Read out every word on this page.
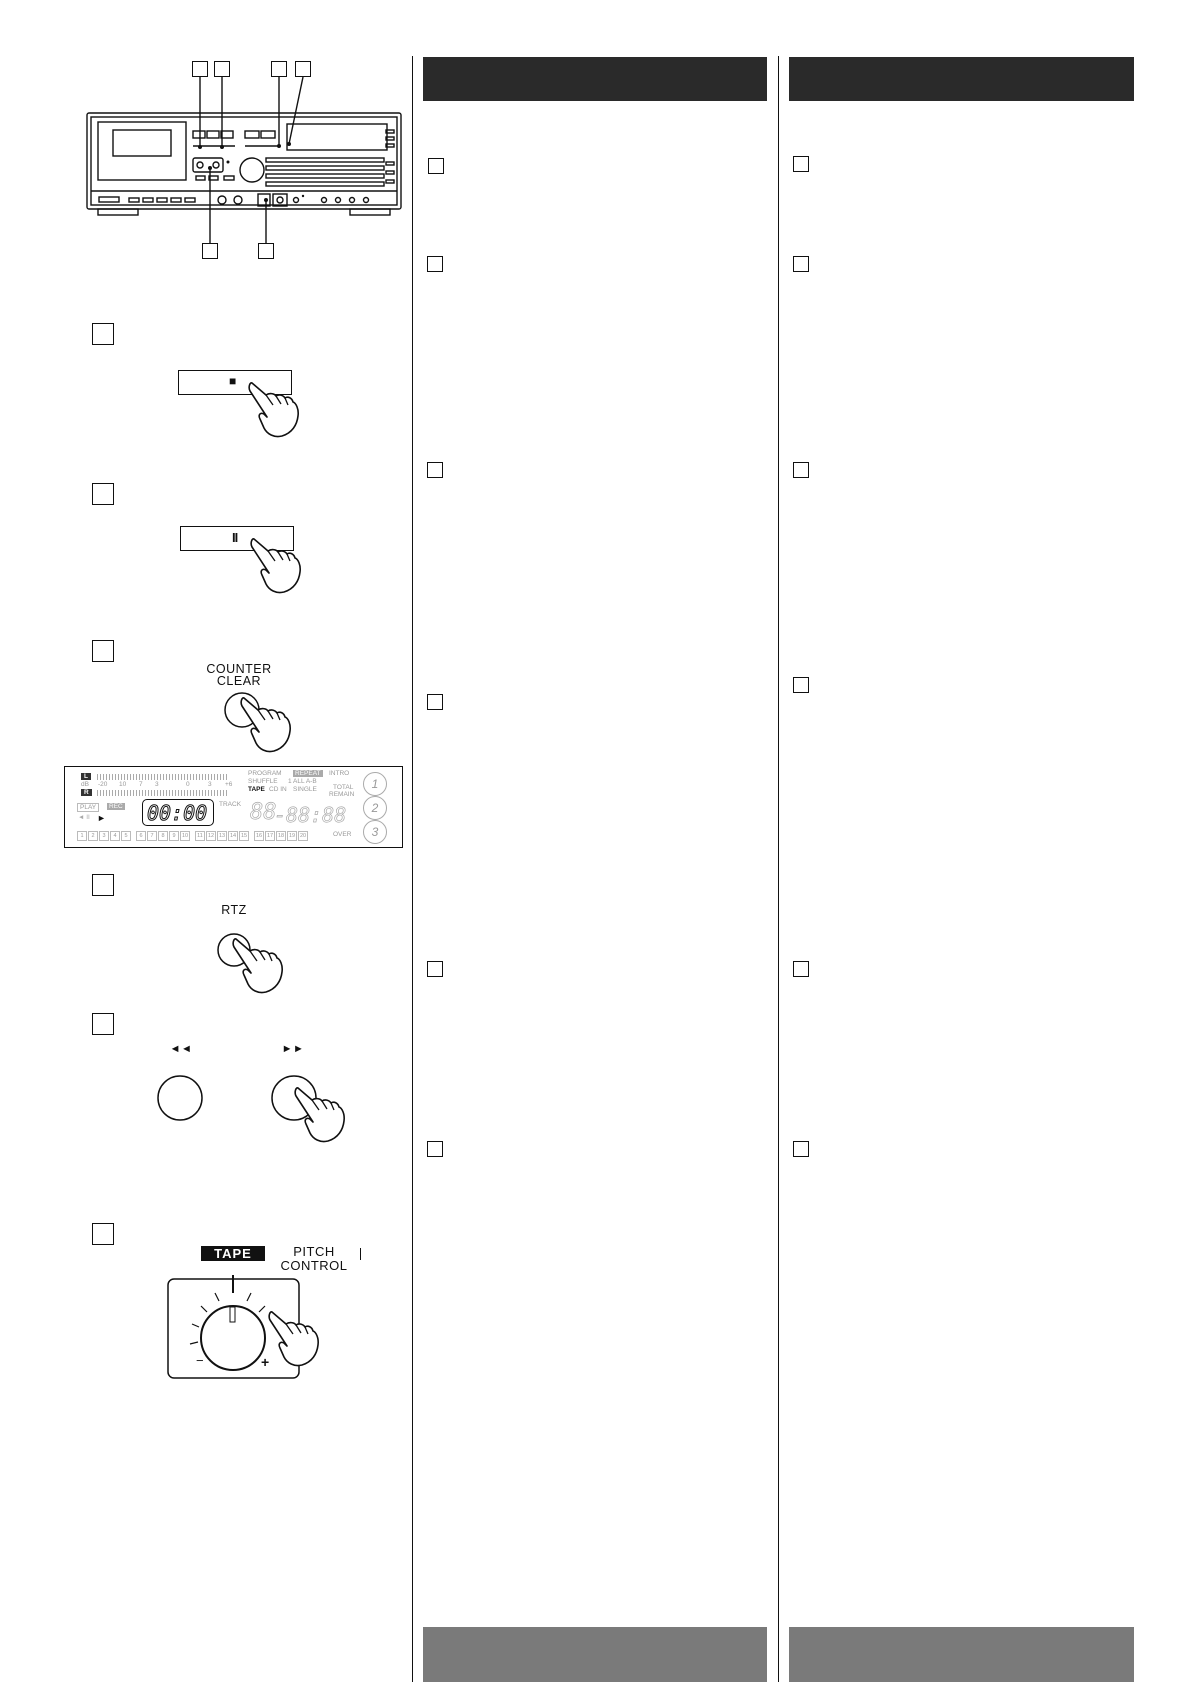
■
II
COUNTER
CLEAR
L
R
dB -20 10 7 3	0	3 +6
PROGRAM	REPEAT	INTRO
SHUFFLE 1 ALL A-B
TAPE CD IN SINGLE TOTAL
REMAIN
PLAY	REC	TRACK
00:00 88
-88:88
1
2
3
◄ II ►
1	2	3	4	5	6	7	8	9	10	11 12 13 14 15	16 17 18 19 20	OVER
RTZ
◄◄	►►
TAPE	PITCH
CONTROL
−	+
